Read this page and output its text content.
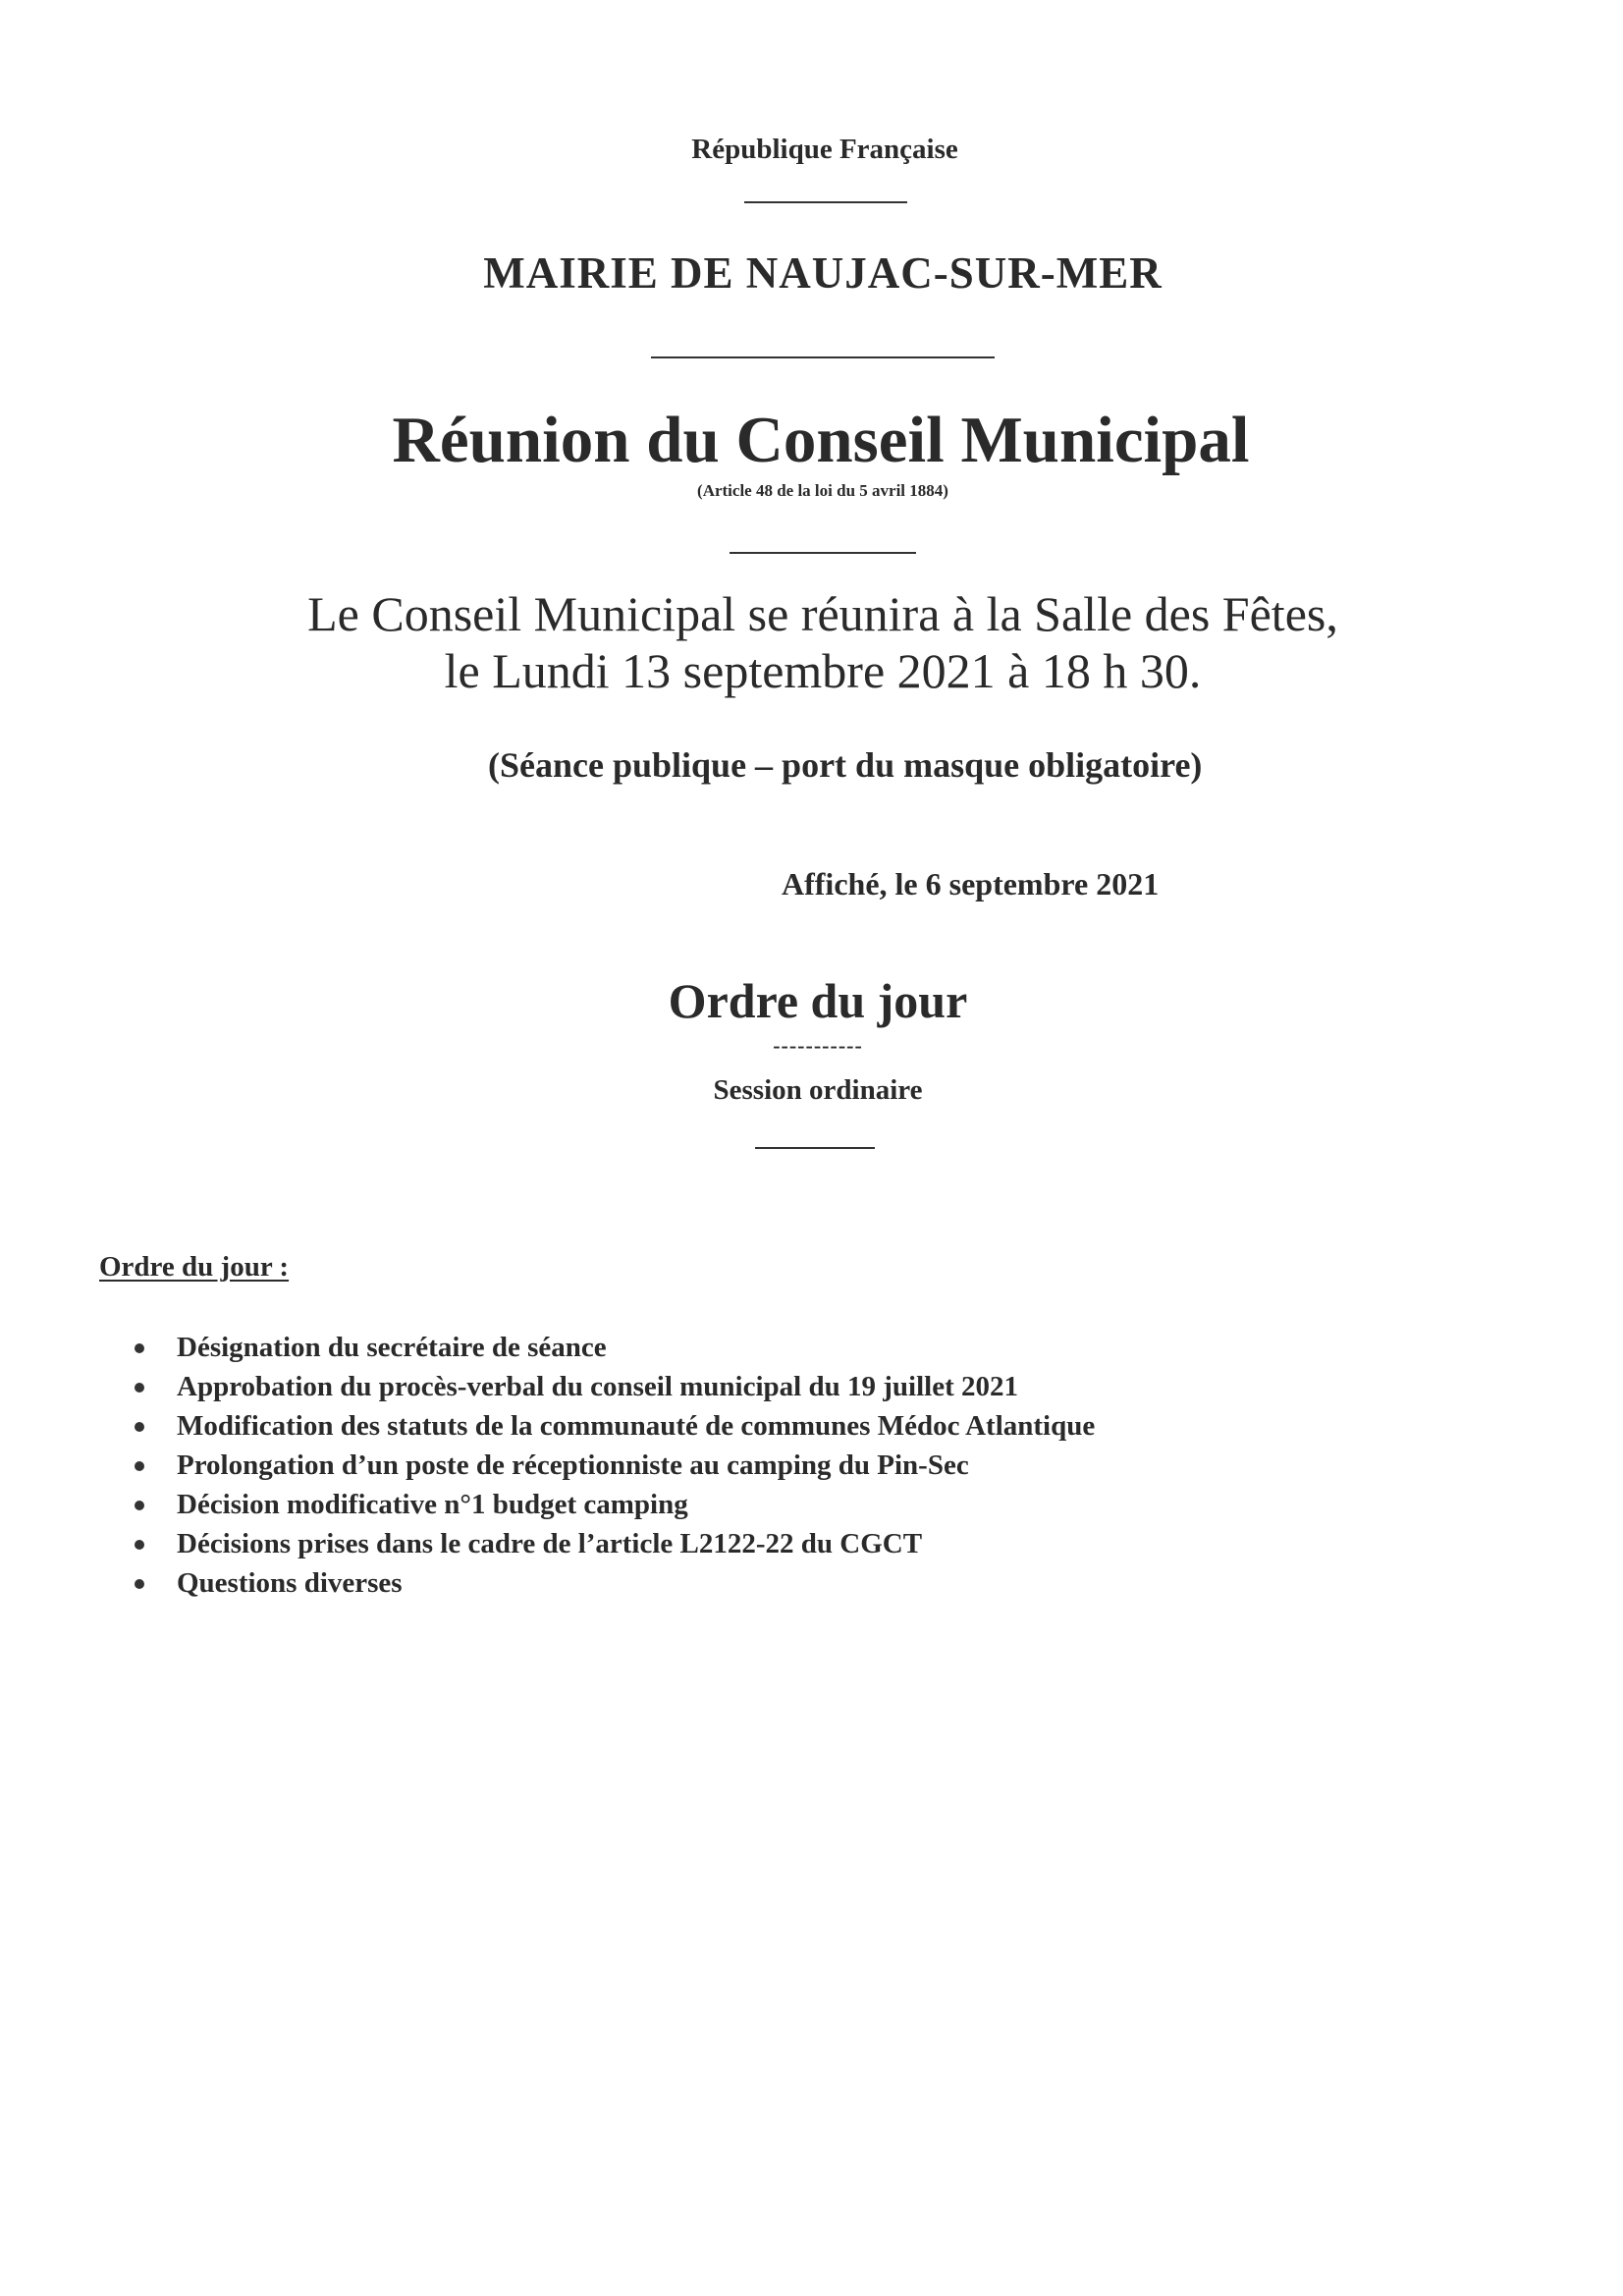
République Française
MAIRIE DE NAUJAC-SUR-MER
Réunion du Conseil Municipal
(Article 48 de la loi du 5 avril 1884)
Le Conseil Municipal se réunira à la Salle des Fêtes,
le Lundi 13 septembre 2021 à 18 h 30.
(Séance publique – port du masque obligatoire)
Affiché, le 6 septembre 2021
Ordre du jour
-----------
Session ordinaire
Ordre du jour :
Désignation du secrétaire de séance
Approbation du procès-verbal du conseil municipal du 19 juillet 2021
Modification des statuts de la communauté de communes Médoc Atlantique
Prolongation d’un poste de réceptionniste au camping du Pin-Sec
Décision modificative n°1 budget camping
Décisions prises dans le cadre de l’article L2122-22 du CGCT
Questions diverses
